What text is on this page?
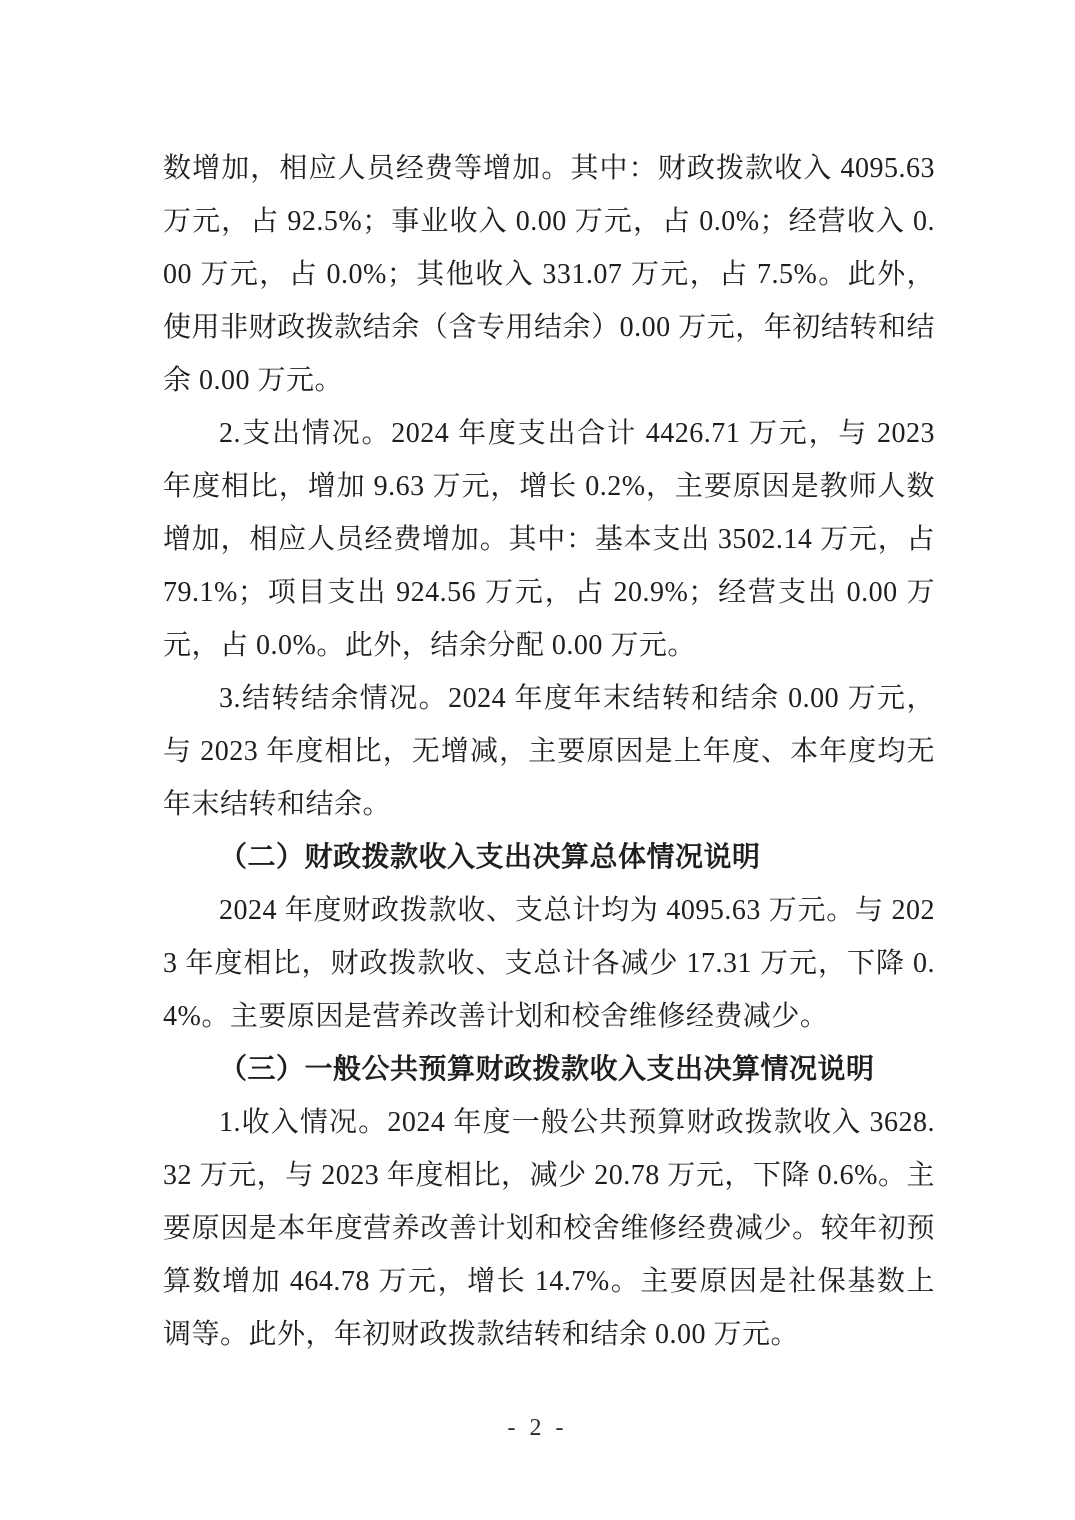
数增加，相应人员经费等增加。其中：财政拨款收入 4095.63 万元，占 92.5%；事业收入 0.00 万元，占 0.0%；经营收入 0.00 万元，占 0.0%；其他收入 331.07 万元，占 7.5%。此外，使用非财政拨款结余（含专用结余）0.00 万元，年初结转和结余 0.00 万元。

2.支出情况。2024 年度支出合计 4426.71 万元，与 2023 年度相比，增加 9.63 万元，增长 0.2%，主要原因是教师人数增加，相应人员经费增加。其中：基本支出 3502.14 万元，占 79.1%；项目支出 924.56 万元，占 20.9%；经营支出 0.00 万元，占 0.0%。此外，结余分配 0.00 万元。

3.结转结余情况。2024 年度年末结转和结余 0.00 万元，与 2023 年度相比，无增减，主要原因是上年度、本年度均无年末结转和结余。

（二）财政拨款收入支出决算总体情况说明

2024 年度财政拨款收、支总计均为 4095.63 万元。与 2023 年度相比，财政拨款收、支总计各减少 17.31 万元，下降 0.4%。主要原因是营养改善计划和校舍维修经费减少。

（三）一般公共预算财政拨款收入支出决算情况说明

1.收入情况。2024 年度一般公共预算财政拨款收入 3628.32 万元，与 2023 年度相比，减少 20.78 万元，下降 0.6%。主要原因是本年度营养改善计划和校舍维修经费减少。较年初预算数增加 464.78 万元，增长 14.7%。主要原因是社保基数上调等。此外，年初财政拨款结转和结余 0.00 万元。

- 2 -
